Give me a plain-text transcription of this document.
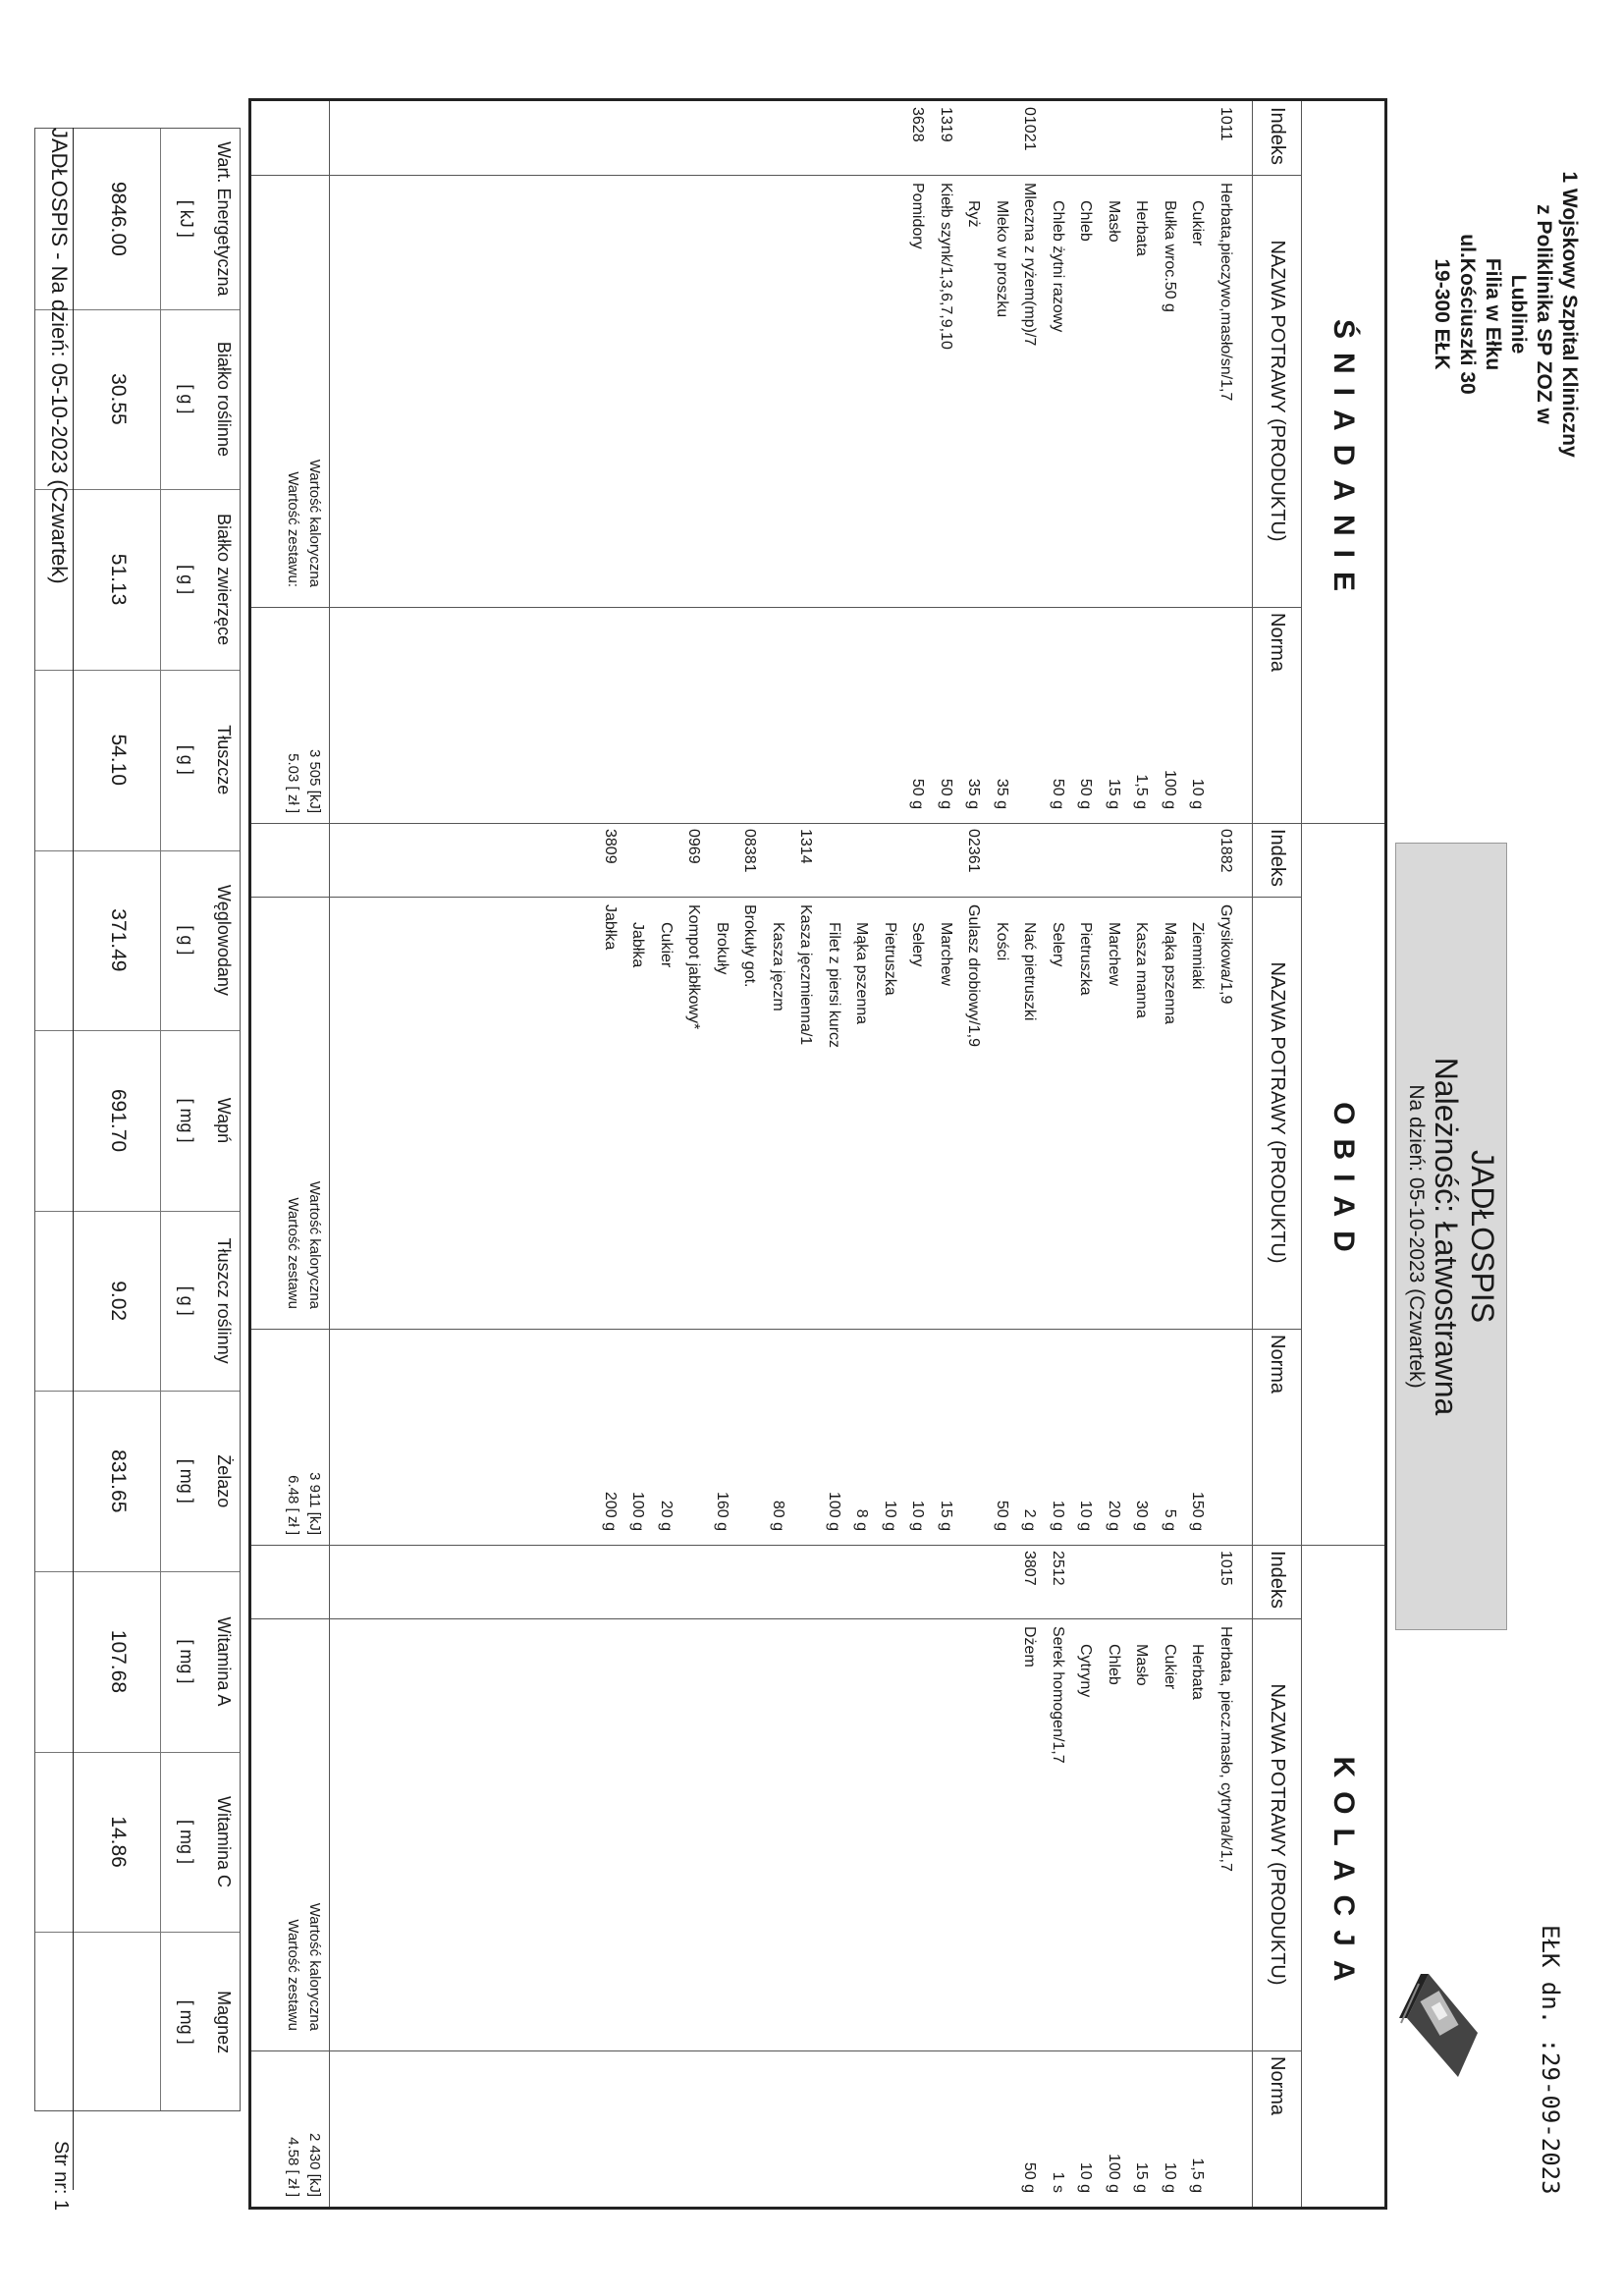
1 Wojskowy Szpital Kliniczny
z Poliklinika SP ZOZ w Lublinie
Filia w Ełku
ul.Kościuszki 30
19-300 EŁK
JADŁOSPIS
Należność: Łatwostrawna
Na dzień: 05-10-2023 (Czwartek)
EŁK dn. :29-09-2023
ŚNIADANIE
Indeks
NAZWA POTRAWY (PRODUKTU)
Norma
1011
Herbata,pieczywo,masło/sn/1,7
Cukier
10 g
Bułka wroc.50 g
100 g
Herbata
1,5 g
Masło
15 g
Chleb
50 g
Chleb żytni razowy
50 g
01021
Mleczna z ryżem(mp)/7
Mleko w proszku
35 g
Ryż
35 g
1319
Kiełb szynk/1,3,6,7,9,10
50 g
3628
Pomidory
50 g
Wartość kaloryczna
3 505 [kJ]
Wartość zestawu:
5.03 [ zł ]
OBIAD
Indeks
NAZWA POTRAWY (PRODUKTU)
Norma
01882
Grysikowa/1,9
Ziemniaki
150 g
Mąka pszenna
5 g
Kasza manna
30 g
Marchew
20 g
Pietruszka
10 g
Selery
10 g
Nać pietruszki
2 g
Kości
50 g
02361
Gulasz drobiowy/1,9
Marchew
15 g
Selery
10 g
Pietruszka
10 g
Mąka pszenna
8 g
Filet z piersi kurcz
100 g
1314
Kasza jęczmienna/1
Kasza jęczm
80 g
08381
Brokuły got.
Brokuły
160 g
0969
Kompot jabłkowy*
Cukier
20 g
Jabłka
100 g
3809
Jabłka
200 g
Wartość kaloryczna
3 911 [kJ]
Wartość zestawu
6.48 [ zł ]
KOLACJA
Indeks
NAZWA POTRAWY (PRODUKTU)
Norma
1015
Herbata, piecz.masło, cytryna/k/1,7
Herbata
1,5 g
Cukier
10 g
Masło
15 g
Chleb
100 g
Cytryny
10 g
2512
Serek homogen/1,7
1 s
3807
Dżem
50 g
Wartość kaloryczna
2 430 [kJ]
Wartość zestawu
4.58 [ zł ]
Wart. Energetyczna
[ kJ ]
9846.00
Białko roślinne
[ g ]
30.55
Białko zwierzęce
[ g ]
51.13
Tłuszcze
[ g ]
54.10
Węglowodany
[ g ]
371.49
Wapń
[ mg ]
691.70
Tłuszcz roślinny
[ g ]
9.02
Żelazo
[ mg ]
831.65
Witamina A
[ mg ]
107.68
Witamina C
[ mg ]
14.86
Magnez
[ mg ]
JADŁOSPIS - Na dzień: 05-10-2023 (Czwartek)
Str nr: 1
